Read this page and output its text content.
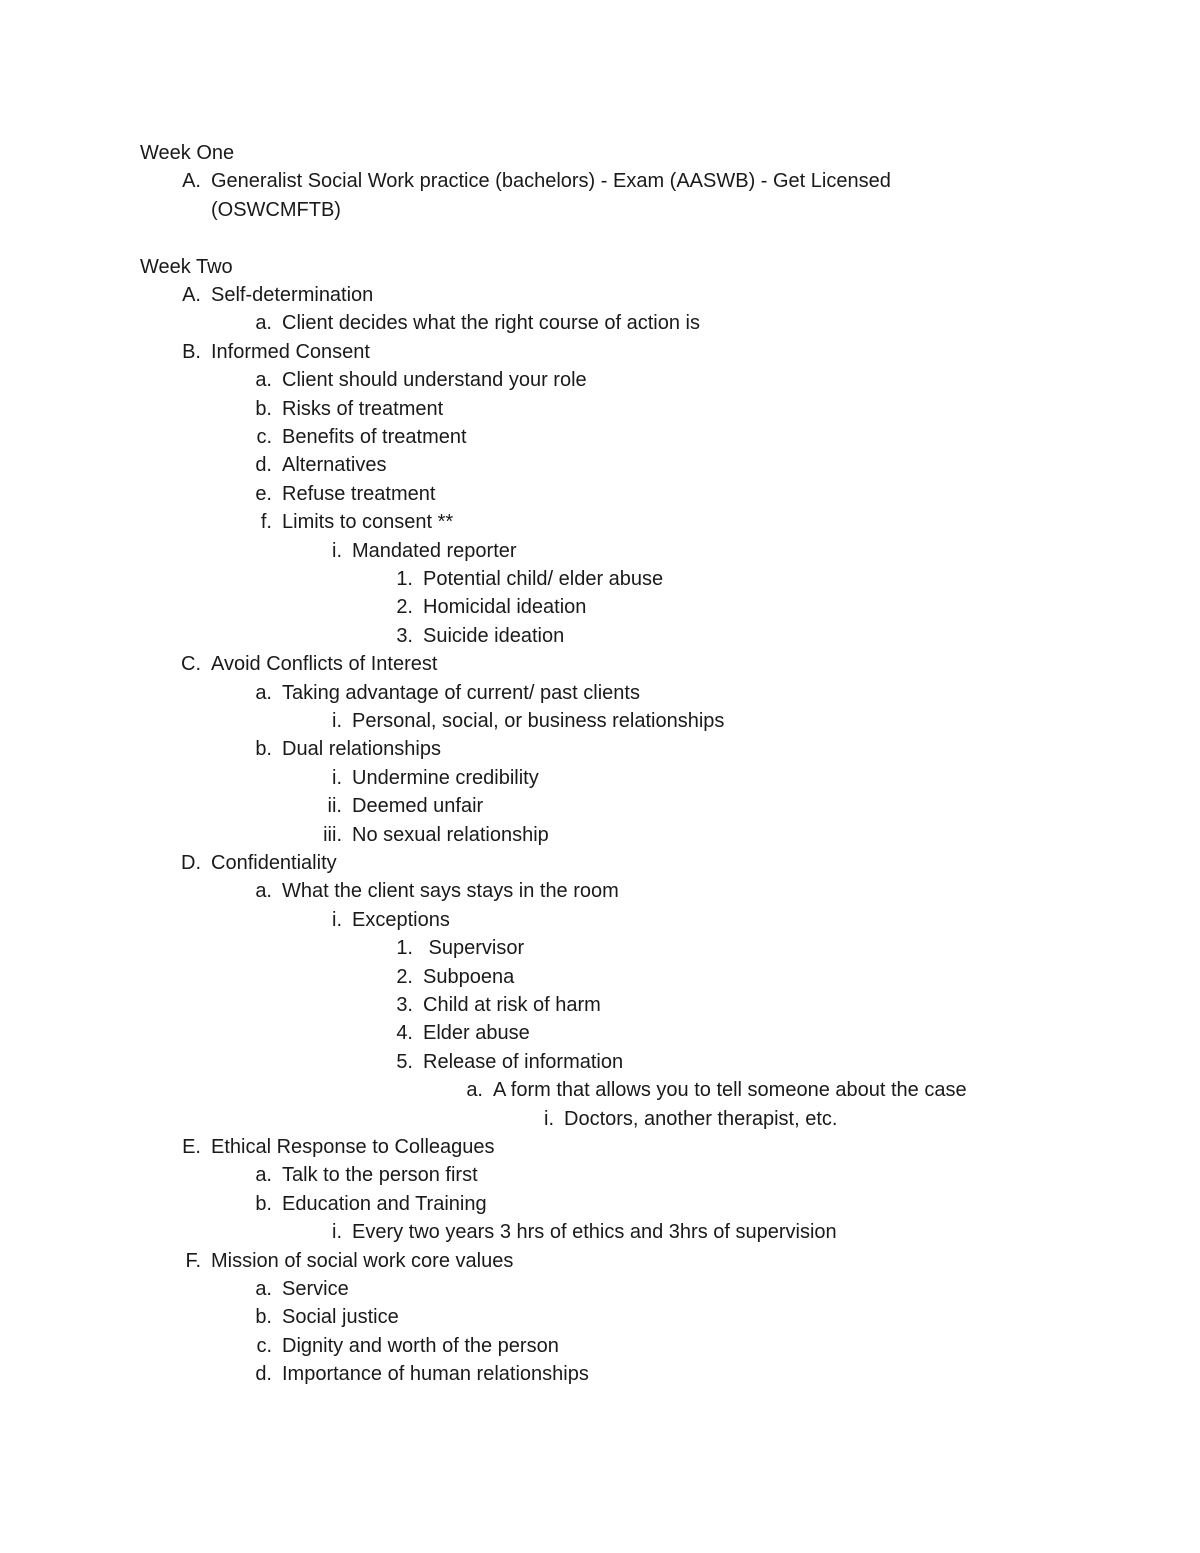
Week One
A. Generalist Social Work practice (bachelors) - Exam (AASWB) - Get Licensed
(OSWCMFTB)
Week Two
A. Self-determination
a. Client decides what the right course of action is
B. Informed Consent
a. Client should understand your role
b. Risks of treatment
c. Benefits of treatment
d. Alternatives
e. Refuse treatment
f. Limits to consent **
i. Mandated reporter
1. Potential child/ elder abuse
2. Homicidal ideation
3. Suicide ideation
C. Avoid Conflicts of Interest
a. Taking advantage of current/ past clients
i. Personal, social, or business relationships
b. Dual relationships
i. Undermine credibility
ii. Deemed unfair
iii. No sexual relationship
D. Confidentiality
a. What the client says stays in the room
i. Exceptions
1. Supervisor
2. Subpoena
3. Child at risk of harm
4. Elder abuse
5. Release of information
a. A form that allows you to tell someone about the case
i. Doctors, another therapist, etc.
E. Ethical Response to Colleagues
a. Talk to the person first
b. Education and Training
i. Every two years 3 hrs of ethics and 3hrs of supervision
F. Mission of social work core values
a. Service
b. Social justice
c. Dignity and worth of the person
d. Importance of human relationships
